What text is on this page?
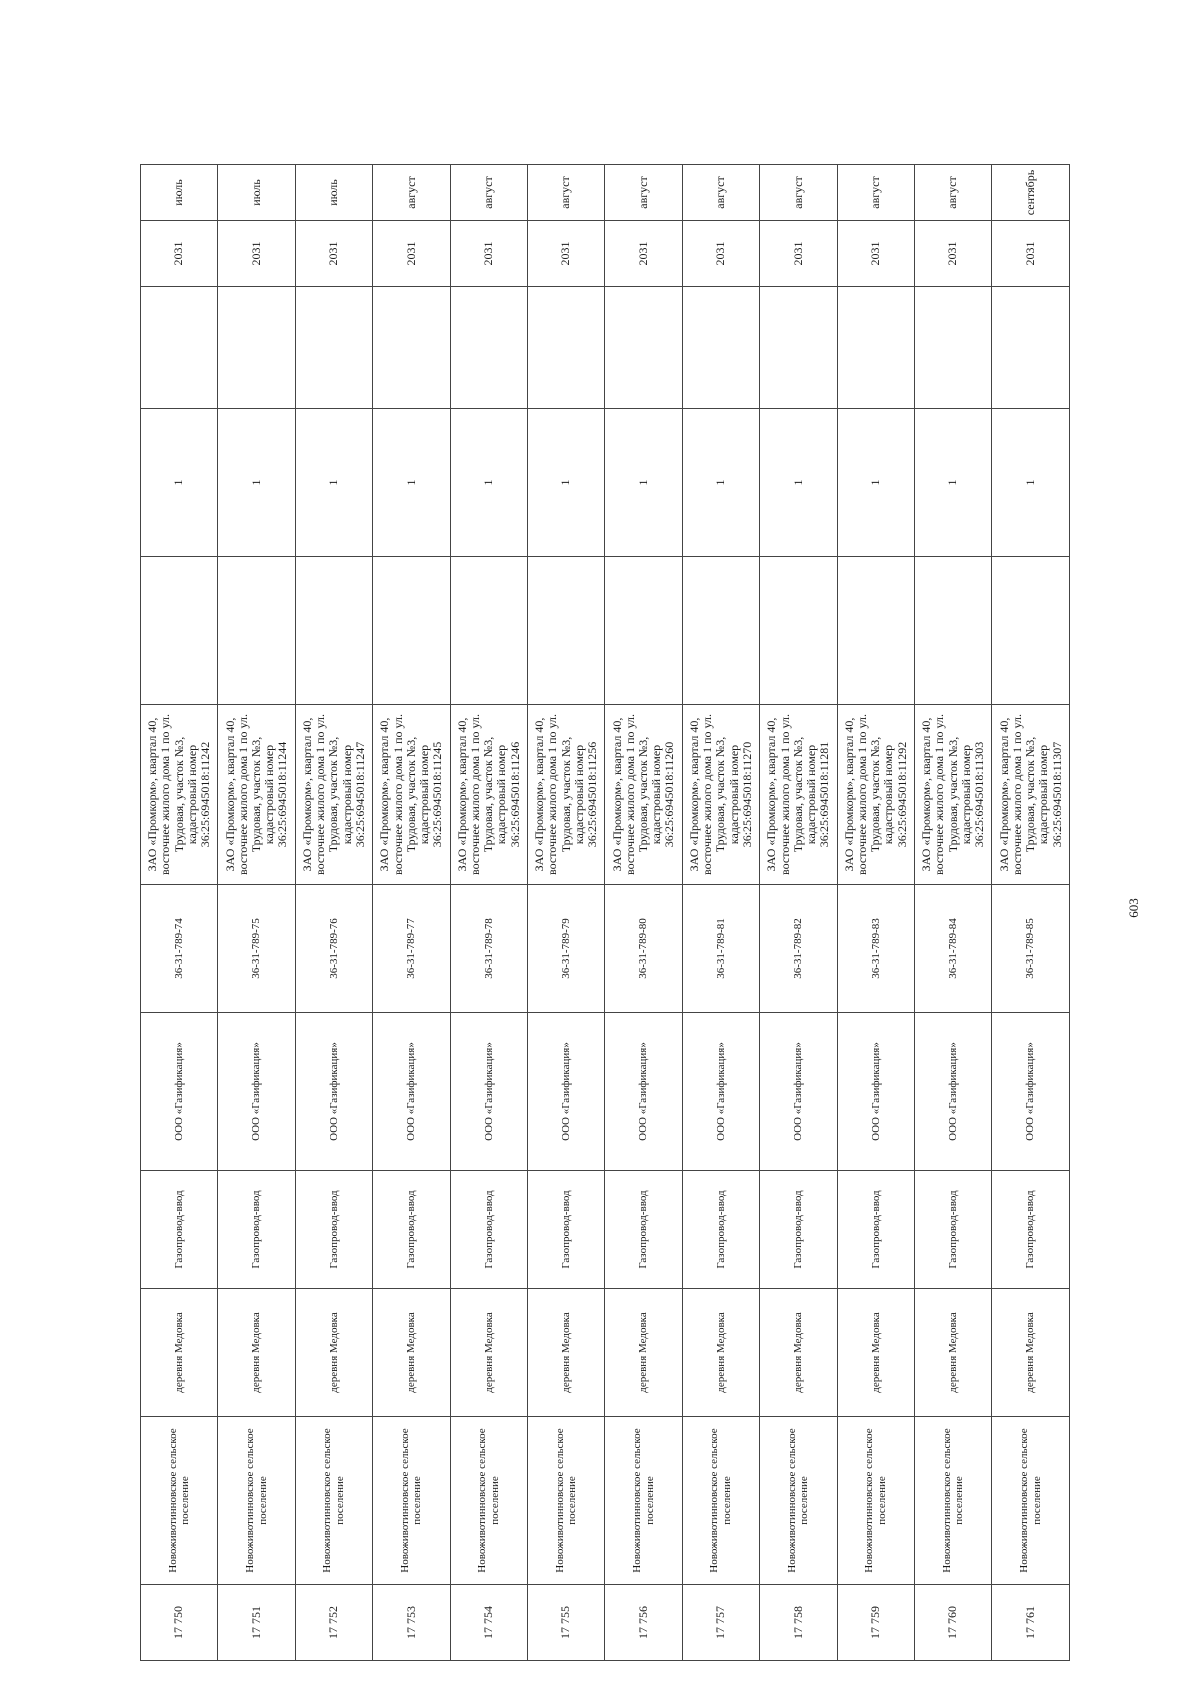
603
17 750	Новоживотинновское сельское поселение	деревня Медовка	Газопровод-ввод	ООО «Газификация»	36-31-789-74	ЗАО «Промкорм», квартал 40, восточнее жилого дома 1 по ул. Трудовая, участок №3, кадастровый номер 36:25:6945018:11242		1		2031	июль
17 751	Новоживотинновское сельское поселение	деревня Медовка	Газопровод-ввод	ООО «Газификация»	36-31-789-75	ЗАО «Промкорм», квартал 40, восточнее жилого дома 1 по ул. Трудовая, участок №3, кадастровый номер 36:25:6945018:11244		1		2031	июль
17 752	Новоживотинновское сельское поселение	деревня Медовка	Газопровод-ввод	ООО «Газификация»	36-31-789-76	ЗАО «Промкорм», квартал 40, восточнее жилого дома 1 по ул. Трудовая, участок №3, кадастровый номер 36:25:6945018:11247		1		2031	июль
17 753	Новоживотинновское сельское поселение	деревня Медовка	Газопровод-ввод	ООО «Газификация»	36-31-789-77	ЗАО «Промкорм», квартал 40, восточнее жилого дома 1 по ул. Трудовая, участок №3, кадастровый номер 36:25:6945018:11245		1		2031	август
17 754	Новоживотинновское сельское поселение	деревня Медовка	Газопровод-ввод	ООО «Газификация»	36-31-789-78	ЗАО «Промкорм», квартал 40, восточнее жилого дома 1 по ул. Трудовая, участок №3, кадастровый номер 36:25:6945018:11246		1		2031	август
17 755	Новоживотинновское сельское поселение	деревня Медовка	Газопровод-ввод	ООО «Газификация»	36-31-789-79	ЗАО «Промкорм», квартал 40, восточнее жилого дома 1 по ул. Трудовая, участок №3, кадастровый номер 36:25:6945018:11256		1		2031	август
17 756	Новоживотинновское сельское поселение	деревня Медовка	Газопровод-ввод	ООО «Газификация»	36-31-789-80	ЗАО «Промкорм», квартал 40, восточнее жилого дома 1 по ул. Трудовая, участок №3, кадастровый номер 36:25:6945018:11260		1		2031	август
17 757	Новоживотинновское сельское поселение	деревня Медовка	Газопровод-ввод	ООО «Газификация»	36-31-789-81	ЗАО «Промкорм», квартал 40, восточнее жилого дома 1 по ул. Трудовая, участок №3, кадастровый номер 36:25:6945018:11270		1		2031	август
17 758	Новоживотинновское сельское поселение	деревня Медовка	Газопровод-ввод	ООО «Газификация»	36-31-789-82	ЗАО «Промкорм», квартал 40, восточнее жилого дома 1 по ул. Трудовая, участок №3, кадастровый номер 36:25:6945018:11281		1		2031	август
17 759	Новоживотинновское сельское поселение	деревня Медовка	Газопровод-ввод	ООО «Газификация»	36-31-789-83	ЗАО «Промкорм», квартал 40, восточнее жилого дома 1 по ул. Трудовая, участок №3, кадастровый номер 36:25:6945018:11292		1		2031	август
17 760	Новоживотинновское сельское поселение	деревня Медовка	Газопровод-ввод	ООО «Газификация»	36-31-789-84	ЗАО «Промкорм», квартал 40, восточнее жилого дома 1 по ул. Трудовая, участок №3, кадастровый номер 36:25:6945018:11303		1		2031	август
17 761	Новоживотинновское сельское поселение	деревня Медовка	Газопровод-ввод	ООО «Газификация»	36-31-789-85	ЗАО «Промкорм», квартал 40, восточнее жилого дома 1 по ул. Трудовая, участок №3, кадастровый номер 36:25:6945018:11307		1		2031	сентябрь
